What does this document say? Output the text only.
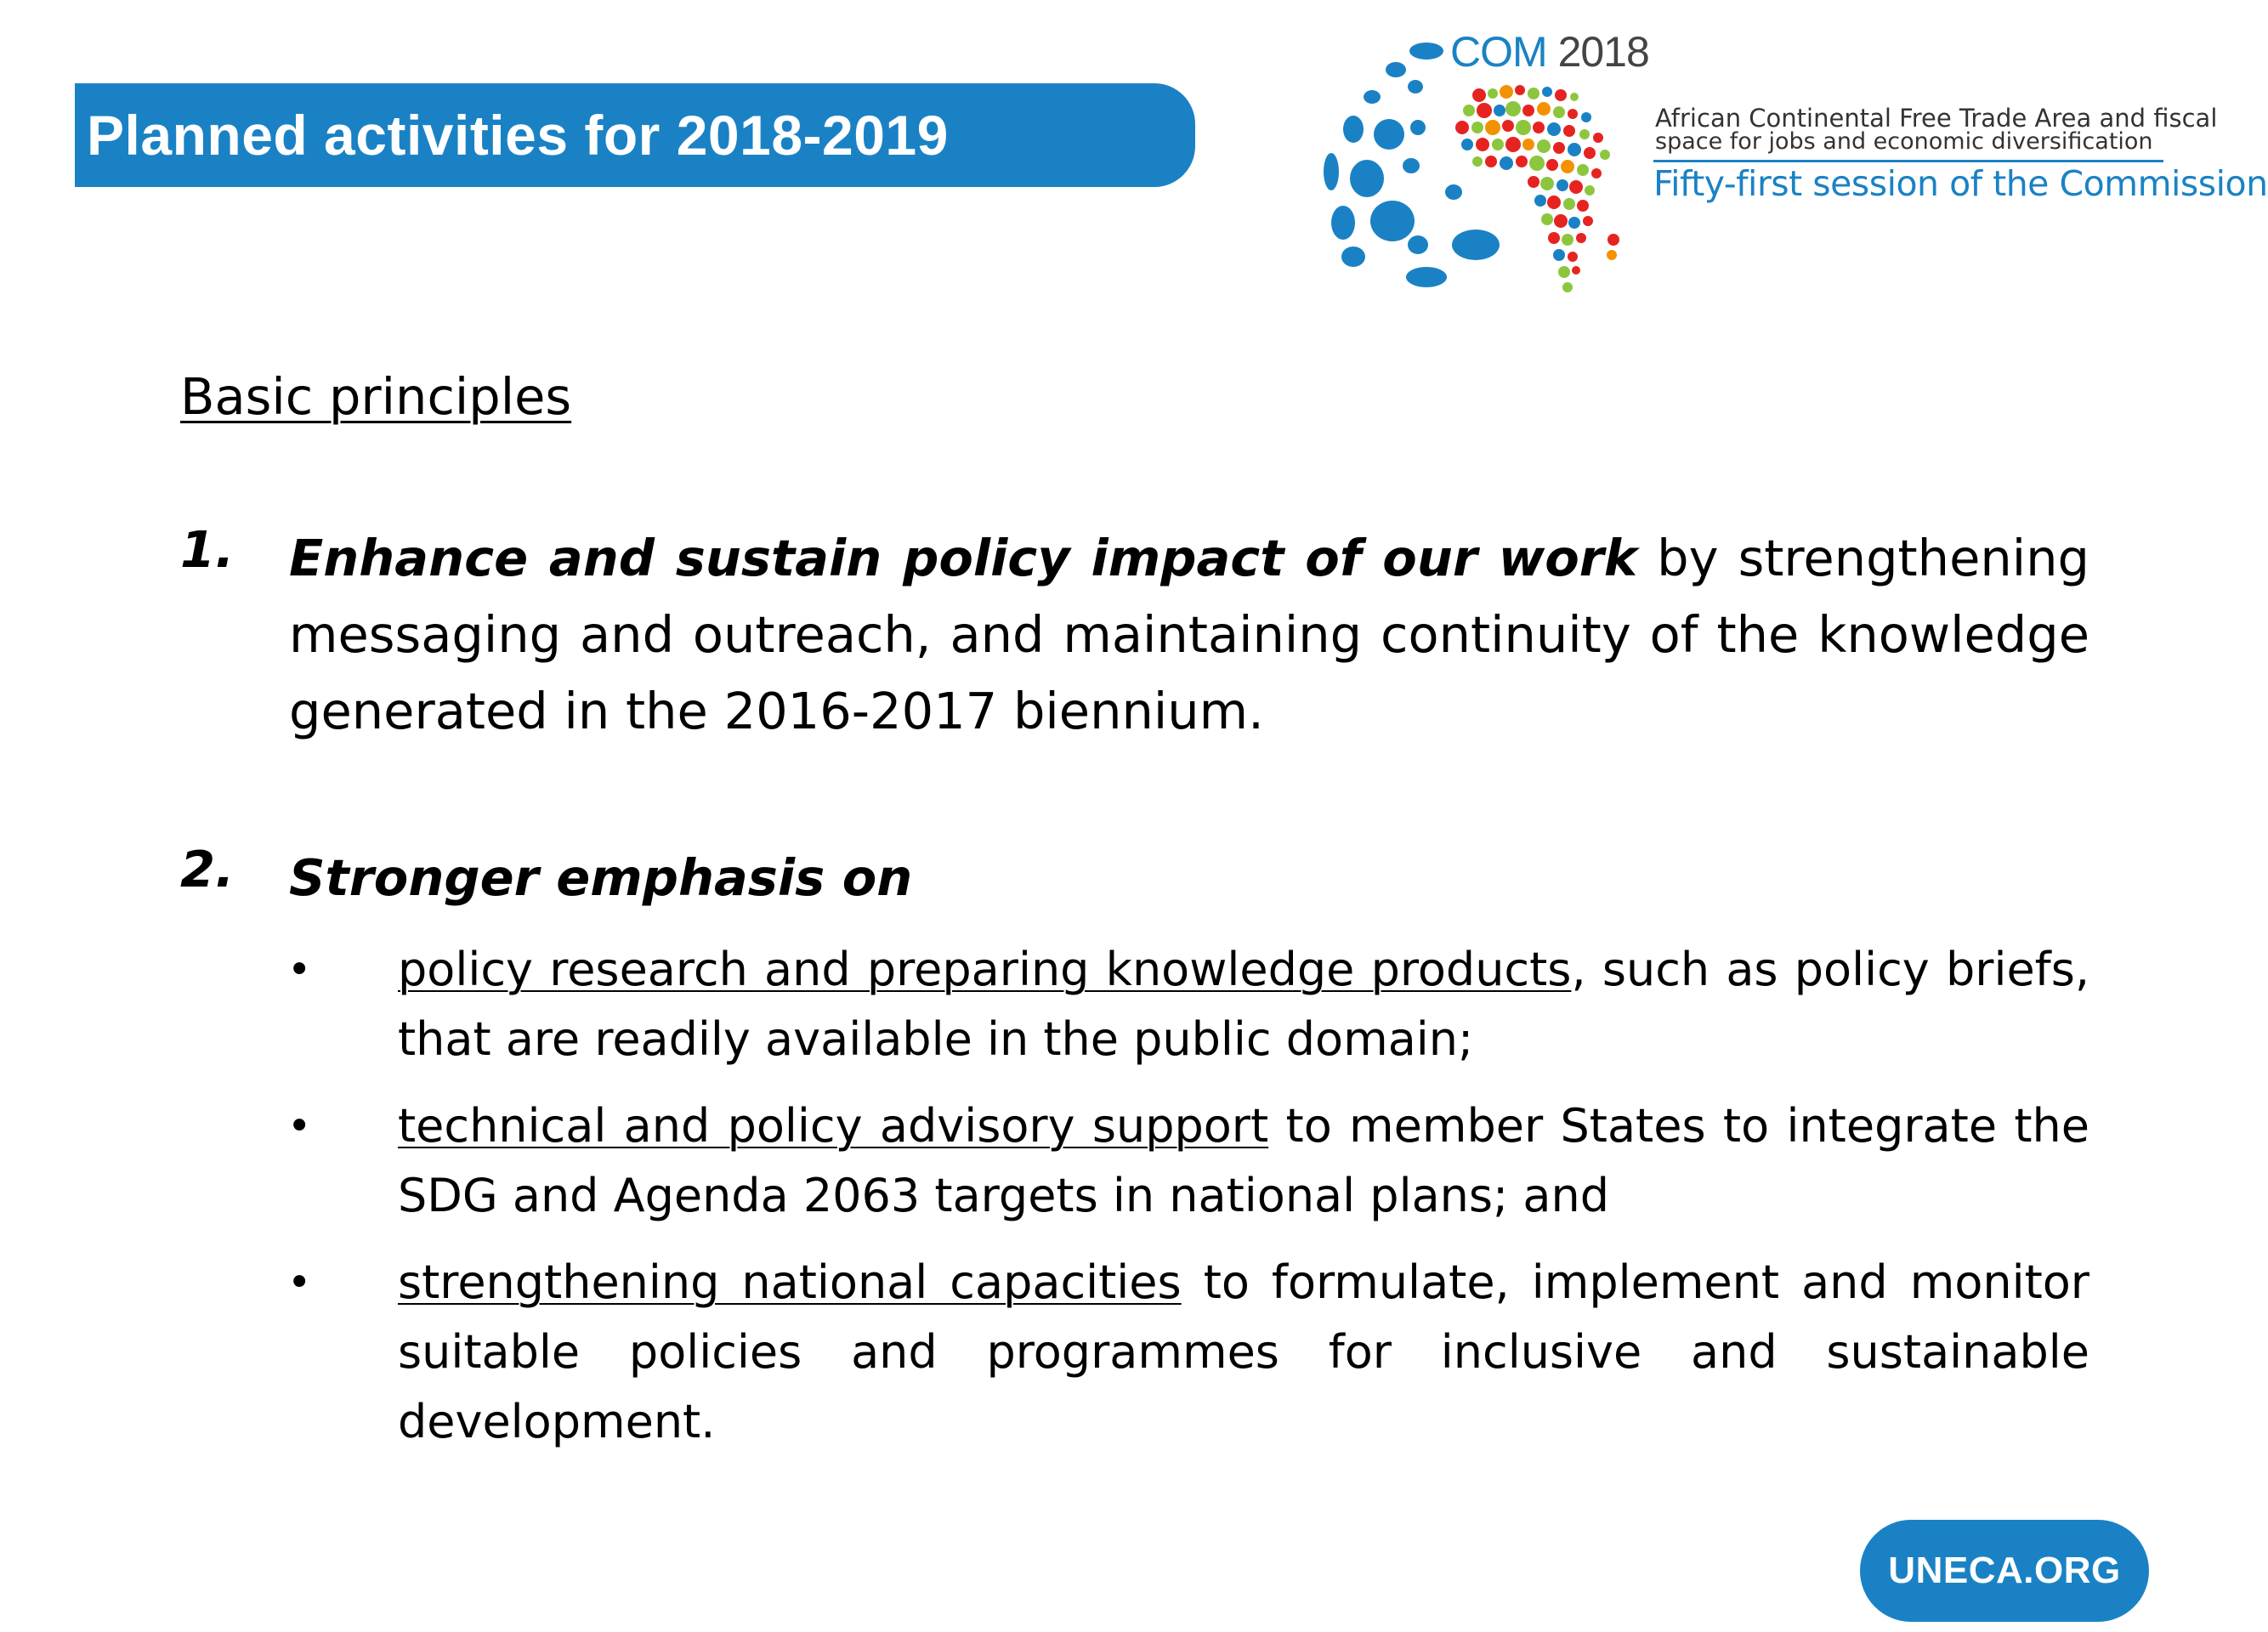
Planned activities for 2018-2019
COM 2018
African Continental Free Trade Area and fiscal
space for jobs and economic diversification
Fifty-first session of the Commission
Basic principles
1. Enhance and sustain policy impact of our work by strengthening messaging and outreach, and maintaining continuity of the knowledge generated in the 2016-2017 biennium.
2. Stronger emphasis on
• policy research and preparing knowledge products, such as policy briefs, that are readily available in the public domain;
• technical and policy advisory support to member States to integrate the SDG and Agenda 2063 targets in national plans; and
• strengthening national capacities to formulate, implement and monitor suitable policies and programmes for inclusive and sustainable development.
UNECA.ORG
